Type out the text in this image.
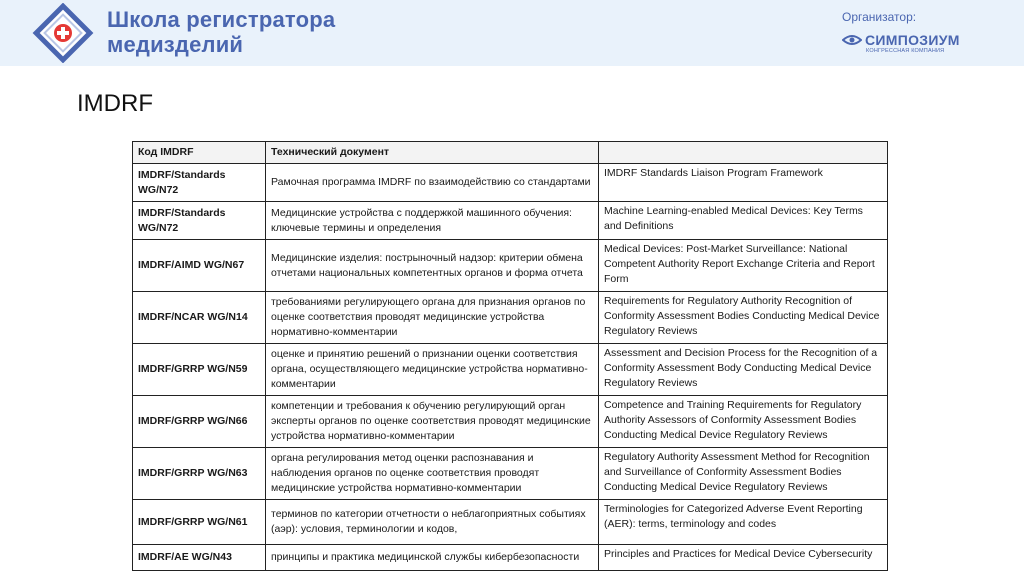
Школа регистратора
медизделий
Организатор:
СИМПОЗИУМ
КОНГРЕССНАЯ КОМПАНИЯ
IMDRF
Код IMDRF	Технический документ	
IMDRF/Standards WG/N72	Рамочная программа IMDRF по взаимодействию со стандартами	IMDRF Standards Liaison Program Framework
IMDRF/Standards WG/N72	Медицинские устройства с поддержкой машинного обучения: ключевые термины и определения	Machine Learning-enabled Medical Devices: Key Terms and Definitions
IMDRF/AIMD WG/N67	Медицинские изделия: пострыночный надзор: критерии обмена отчетами национальных компетентных органов и форма отчета	Medical Devices: Post-Market Surveillance: National Competent Authority Report Exchange Criteria and Report Form
IMDRF/NCAR WG/N14	требованиями регулирующего органа для признания органов по оценке соответствия проводят медицинские устройства нормативно-комментарии	Requirements for Regulatory Authority Recognition of Conformity Assessment Bodies Conducting Medical Device Regulatory Reviews
IMDRF/GRRP WG/N59	оценке и принятию решений о признании оценки соответствия органа, осуществляющего медицинские устройства нормативно-комментарии	Assessment and Decision Process for the Recognition of a Conformity Assessment Body Conducting Medical Device Regulatory Reviews
IMDRF/GRRP WG/N66	компетенции и требования к обучению регулирующий орган эксперты органов по оценке соответствия проводят медицинские устройства нормативно-комментарии	Competence and Training Requirements for Regulatory Authority Assessors of Conformity Assessment Bodies Conducting Medical Device Regulatory Reviews
IMDRF/GRRP WG/N63	органа регулирования метод оценки распознавания и наблюдения органов по оценке соответствия проводят медицинские устройства нормативно-комментарии	Regulatory Authority Assessment Method for Recognition and Surveillance of Conformity Assessment Bodies Conducting Medical Device Regulatory Reviews
IMDRF/GRRP WG/N61	терминов по категории отчетности о неблагоприятных событиях (аэр): условия, терминологии и кодов,	Terminologies for Categorized Adverse Event Reporting (AER): terms, terminology and codes
IMDRF/AE WG/N43	принципы и практика медицинской службы кибербезопасности	Principles and Practices for Medical Device Cybersecurity
